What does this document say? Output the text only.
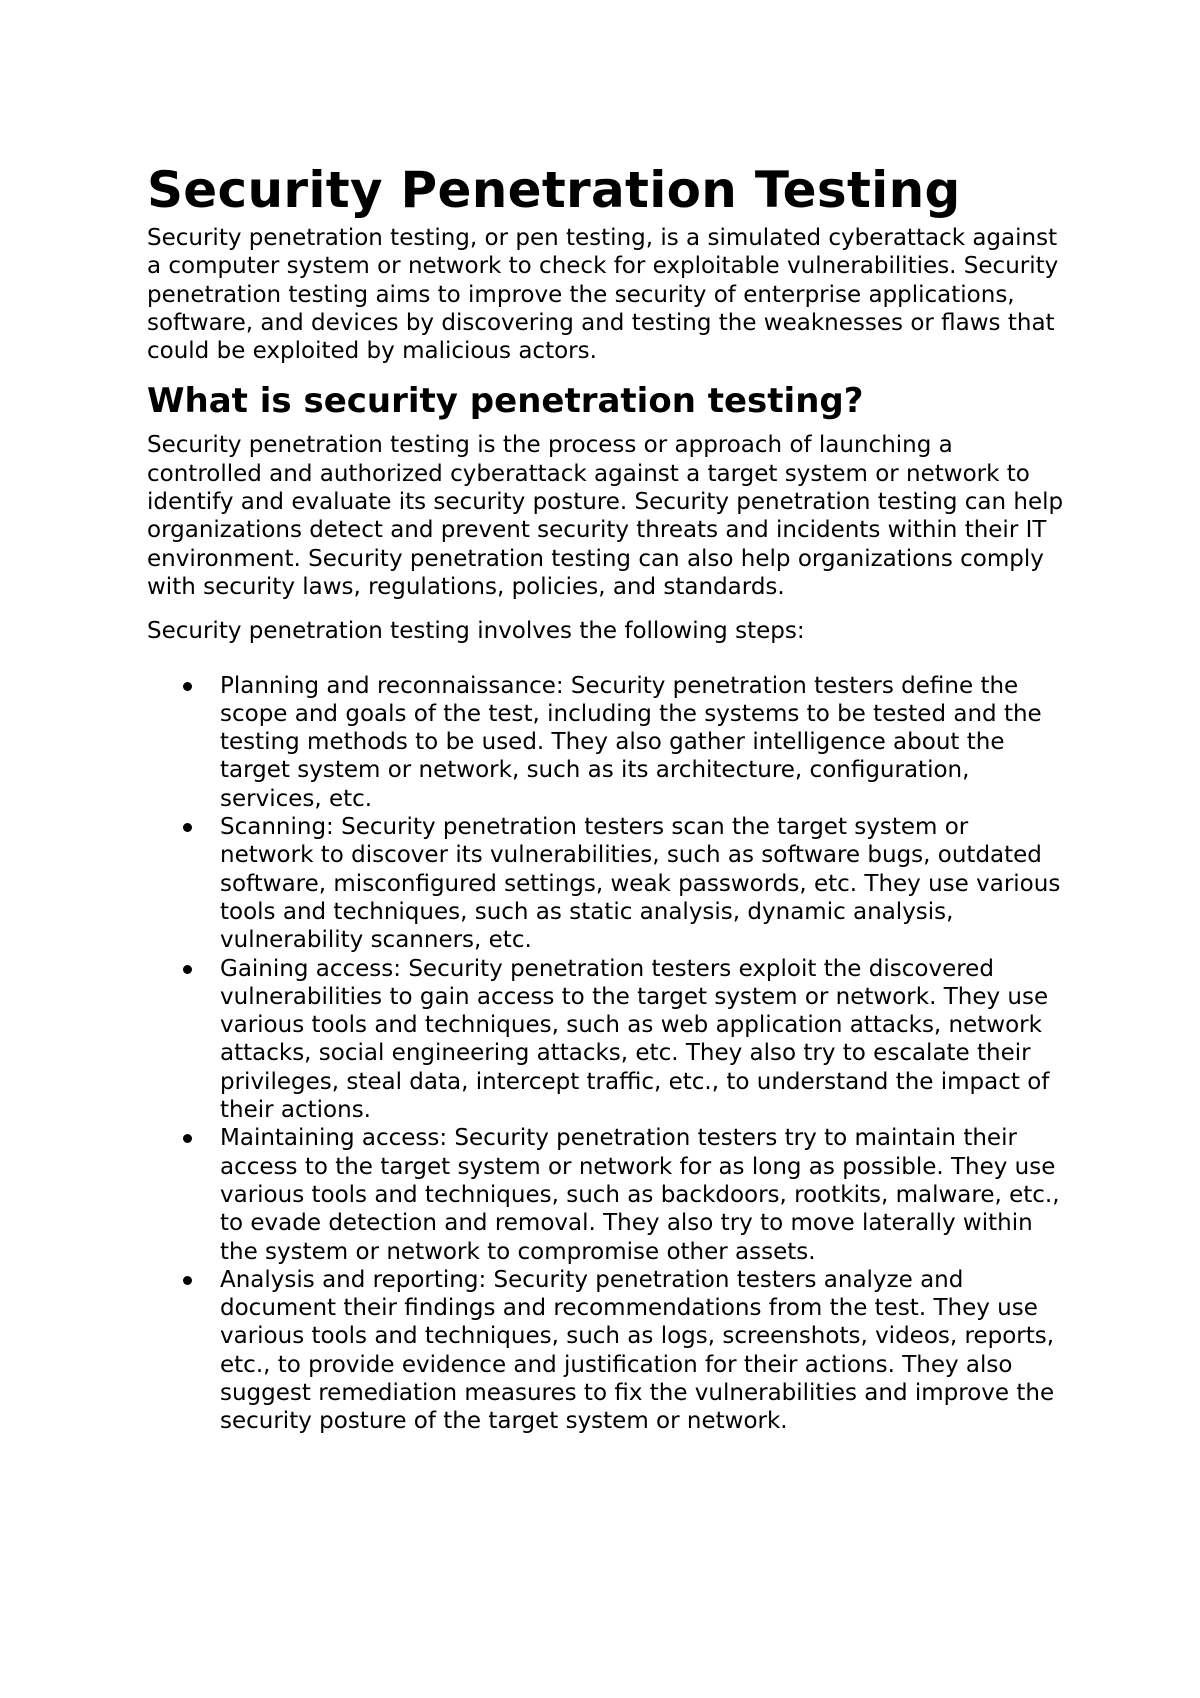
Security Penetration Testing

Security penetration testing, or pen testing, is a simulated cyberattack against a computer system or network to check for exploitable vulnerabilities. Security penetration testing aims to improve the security of enterprise applications, software, and devices by discovering and testing the weaknesses or flaws that could be exploited by malicious actors.

What is security penetration testing?

Security penetration testing is the process or approach of launching a controlled and authorized cyberattack against a target system or network to identify and evaluate its security posture. Security penetration testing can help organizations detect and prevent security threats and incidents within their IT environment. Security penetration testing can also help organizations comply with security laws, regulations, policies, and standards.

Security penetration testing involves the following steps:

Planning and reconnaissance: Security penetration testers define the scope and goals of the test, including the systems to be tested and the testing methods to be used. They also gather intelligence about the target system or network, such as its architecture, configuration, services, etc.
Scanning: Security penetration testers scan the target system or network to discover its vulnerabilities, such as software bugs, outdated software, misconfigured settings, weak passwords, etc. They use various tools and techniques, such as static analysis, dynamic analysis, vulnerability scanners, etc.
Gaining access: Security penetration testers exploit the discovered vulnerabilities to gain access to the target system or network. They use various tools and techniques, such as web application attacks, network attacks, social engineering attacks, etc. They also try to escalate their privileges, steal data, intercept traffic, etc., to understand the impact of their actions.
Maintaining access: Security penetration testers try to maintain their access to the target system or network for as long as possible. They use various tools and techniques, such as backdoors, rootkits, malware, etc., to evade detection and removal. They also try to move laterally within the system or network to compromise other assets.
Analysis and reporting: Security penetration testers analyze and document their findings and recommendations from the test. They use various tools and techniques, such as logs, screenshots, videos, reports, etc., to provide evidence and justification for their actions. They also suggest remediation measures to fix the vulnerabilities and improve the security posture of the target system or network.
